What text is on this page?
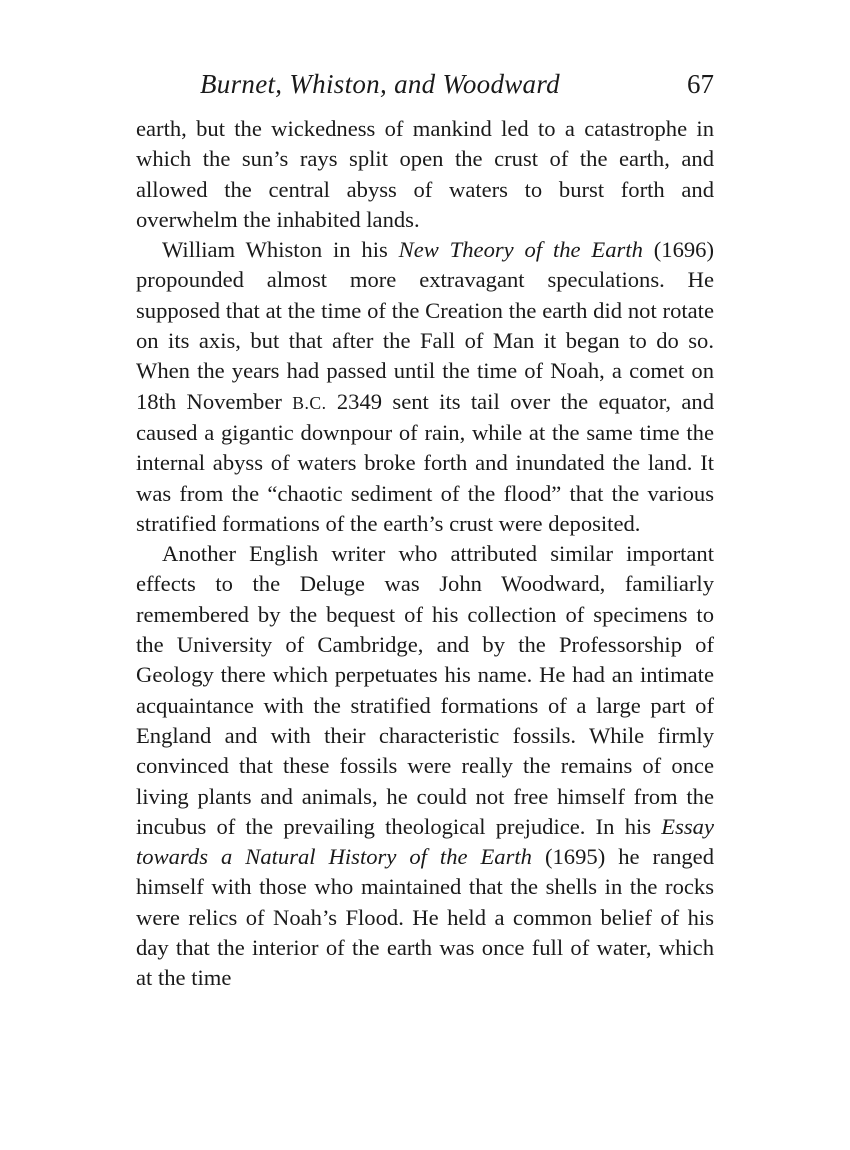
Burnet, Whiston, and Woodward	67

earth, but the wickedness of mankind led to a catastrophe in which the sun’s rays split open the crust of the earth, and allowed the central abyss of waters to burst forth and overwhelm the inhabited lands.

William Whiston in his New Theory of the Earth (1696) propounded almost more extravagant speculations. He supposed that at the time of the Creation the earth did not rotate on its axis, but that after the Fall of Man it began to do so. When the years had passed until the time of Noah, a comet on 18th November B.C. 2349 sent its tail over the equator, and caused a gigantic downpour of rain, while at the same time the internal abyss of waters broke forth and inundated the land. It was from the “chaotic sediment of the flood” that the various stratified formations of the earth’s crust were deposited.

Another English writer who attributed similar important effects to the Deluge was John Woodward, familiarly remembered by the bequest of his collection of specimens to the University of Cambridge, and by the Professorship of Geology there which perpetuates his name. He had an intimate acquaintance with the stratified formations of a large part of England and with their characteristic fossils. While firmly convinced that these fossils were really the remains of once living plants and animals, he could not free himself from the incubus of the prevailing theological prejudice. In his Essay towards a Natural History of the Earth (1695) he ranged himself with those who maintained that the shells in the rocks were relics of Noah’s Flood. He held a common belief of his day that the interior of the earth was once full of water, which at the time
